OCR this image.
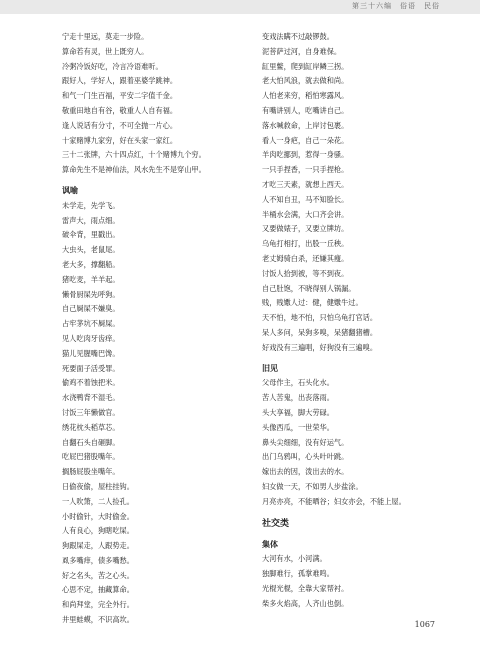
第三十六编　俗语　民俗
宁走十里远，莫走一步险。
算命若有灵，世上既穷人。
冷粥冷饭好吃，冷言冷语难听。
跟好人，学好人，跟着巫婆学跳神。
和气一门生百福，平安二字值千金。
敬重田地自有谷，敬重人人自有福。
逢人说话有分寸，不可全抛一片心。
十家赌博九家穷，好在头家一家红。
三十二张牌，六十四点红，十个赌博九个穷。
算命先生不是神仙法，风水先生不是穿山甲。
讽喻
未学走，先学飞。
雷声大，雨点细。
破伞背，里戳出。
大虫头，老鼠尾。
老大多，撑翻船。
猪吃麦，羊羊起。
懒骨厨屎先呼狗。
自己屙屎不嫌臭。
占牢茅坑不屙屎。
见人吃肉牙齿痒。
猫儿见腥嘴巴馋。
死要面子活受罪。
偷鸡不着蚀把米。
水浇鸭背不湿毛。
讨饭三年懒做官。
绣花枕头稻草芯。
自翻石头自砸脚。
吃屁巴猪股嘴年。
搁肠屁股坐嘴年。
日偷夜偷，屋柱挂钩。
一人吹箫，二人捡孔。
小时偷针，大时偷金。
人有良心，狗瞎吃屎。
狗跟屎走，人跟势走。
虱多嘴痒，债多嘴愁。
好之名头，苦之心头。
心思不定，抽藏算命。
和尚拜堂，完全外行。
井里蛙蟆，不识高坎。
变戏法瞒不过敲锣鼓。
泥菩萨过河，自身难保。
缸里鳖，爬到缸岸鳞三拐。
老大怕风浪，就去做和尚。
人怕老来穷，稻怕寒露风。
有嘴讲别人，吃嘴讲自己。
落水喊救命，上岸讨包裹。
看人一身疤，自己一朵花。
羊肉吃挪到，惹得一身骚。
一只手捏香，一只手捏枪。
才吃三天素，就想上西天。
人不知自丑，马不知脸长。
半桶水会满，大口齐会讲。
又要做婊子，又要立牌坊。
乌龟打相打，出股一丘秧。
老丈姆骑白杀，还嫌其瘦。
讨饭人拾到被，等不到夜。
自己肚饱，不晓得别人锅漏。
贱，贱嫐人过：健，健嫐牛过。
天不怕，地不怕，只怕乌龟打官话。
呆人多问，呆狗多嗅，呆猪翻猪槽。
好戏没有三遍唱，好狗没有三遍嗅。
旧见
父母作主，石头化水。
苦人苦鬼，出丧落雨。
头大享福，脚大劳碌。
头像西瓜，一世荣华。
鼻头尖细细，没有好运气。
出门乌鸦叫，心头叶叶跳。
嫁出去的因，泼出去的水。
妇女做一天，不如男人步盐涂。
月亮亦亮，不能晒谷；妇女亦会，不能上屋。
社交类
集体
大河有水，小河满。
独脚难行，孤掌难鸣。
光棍光棍，全靠大家帮衬。
柴多火焰高，人齐山也倒。
1067
